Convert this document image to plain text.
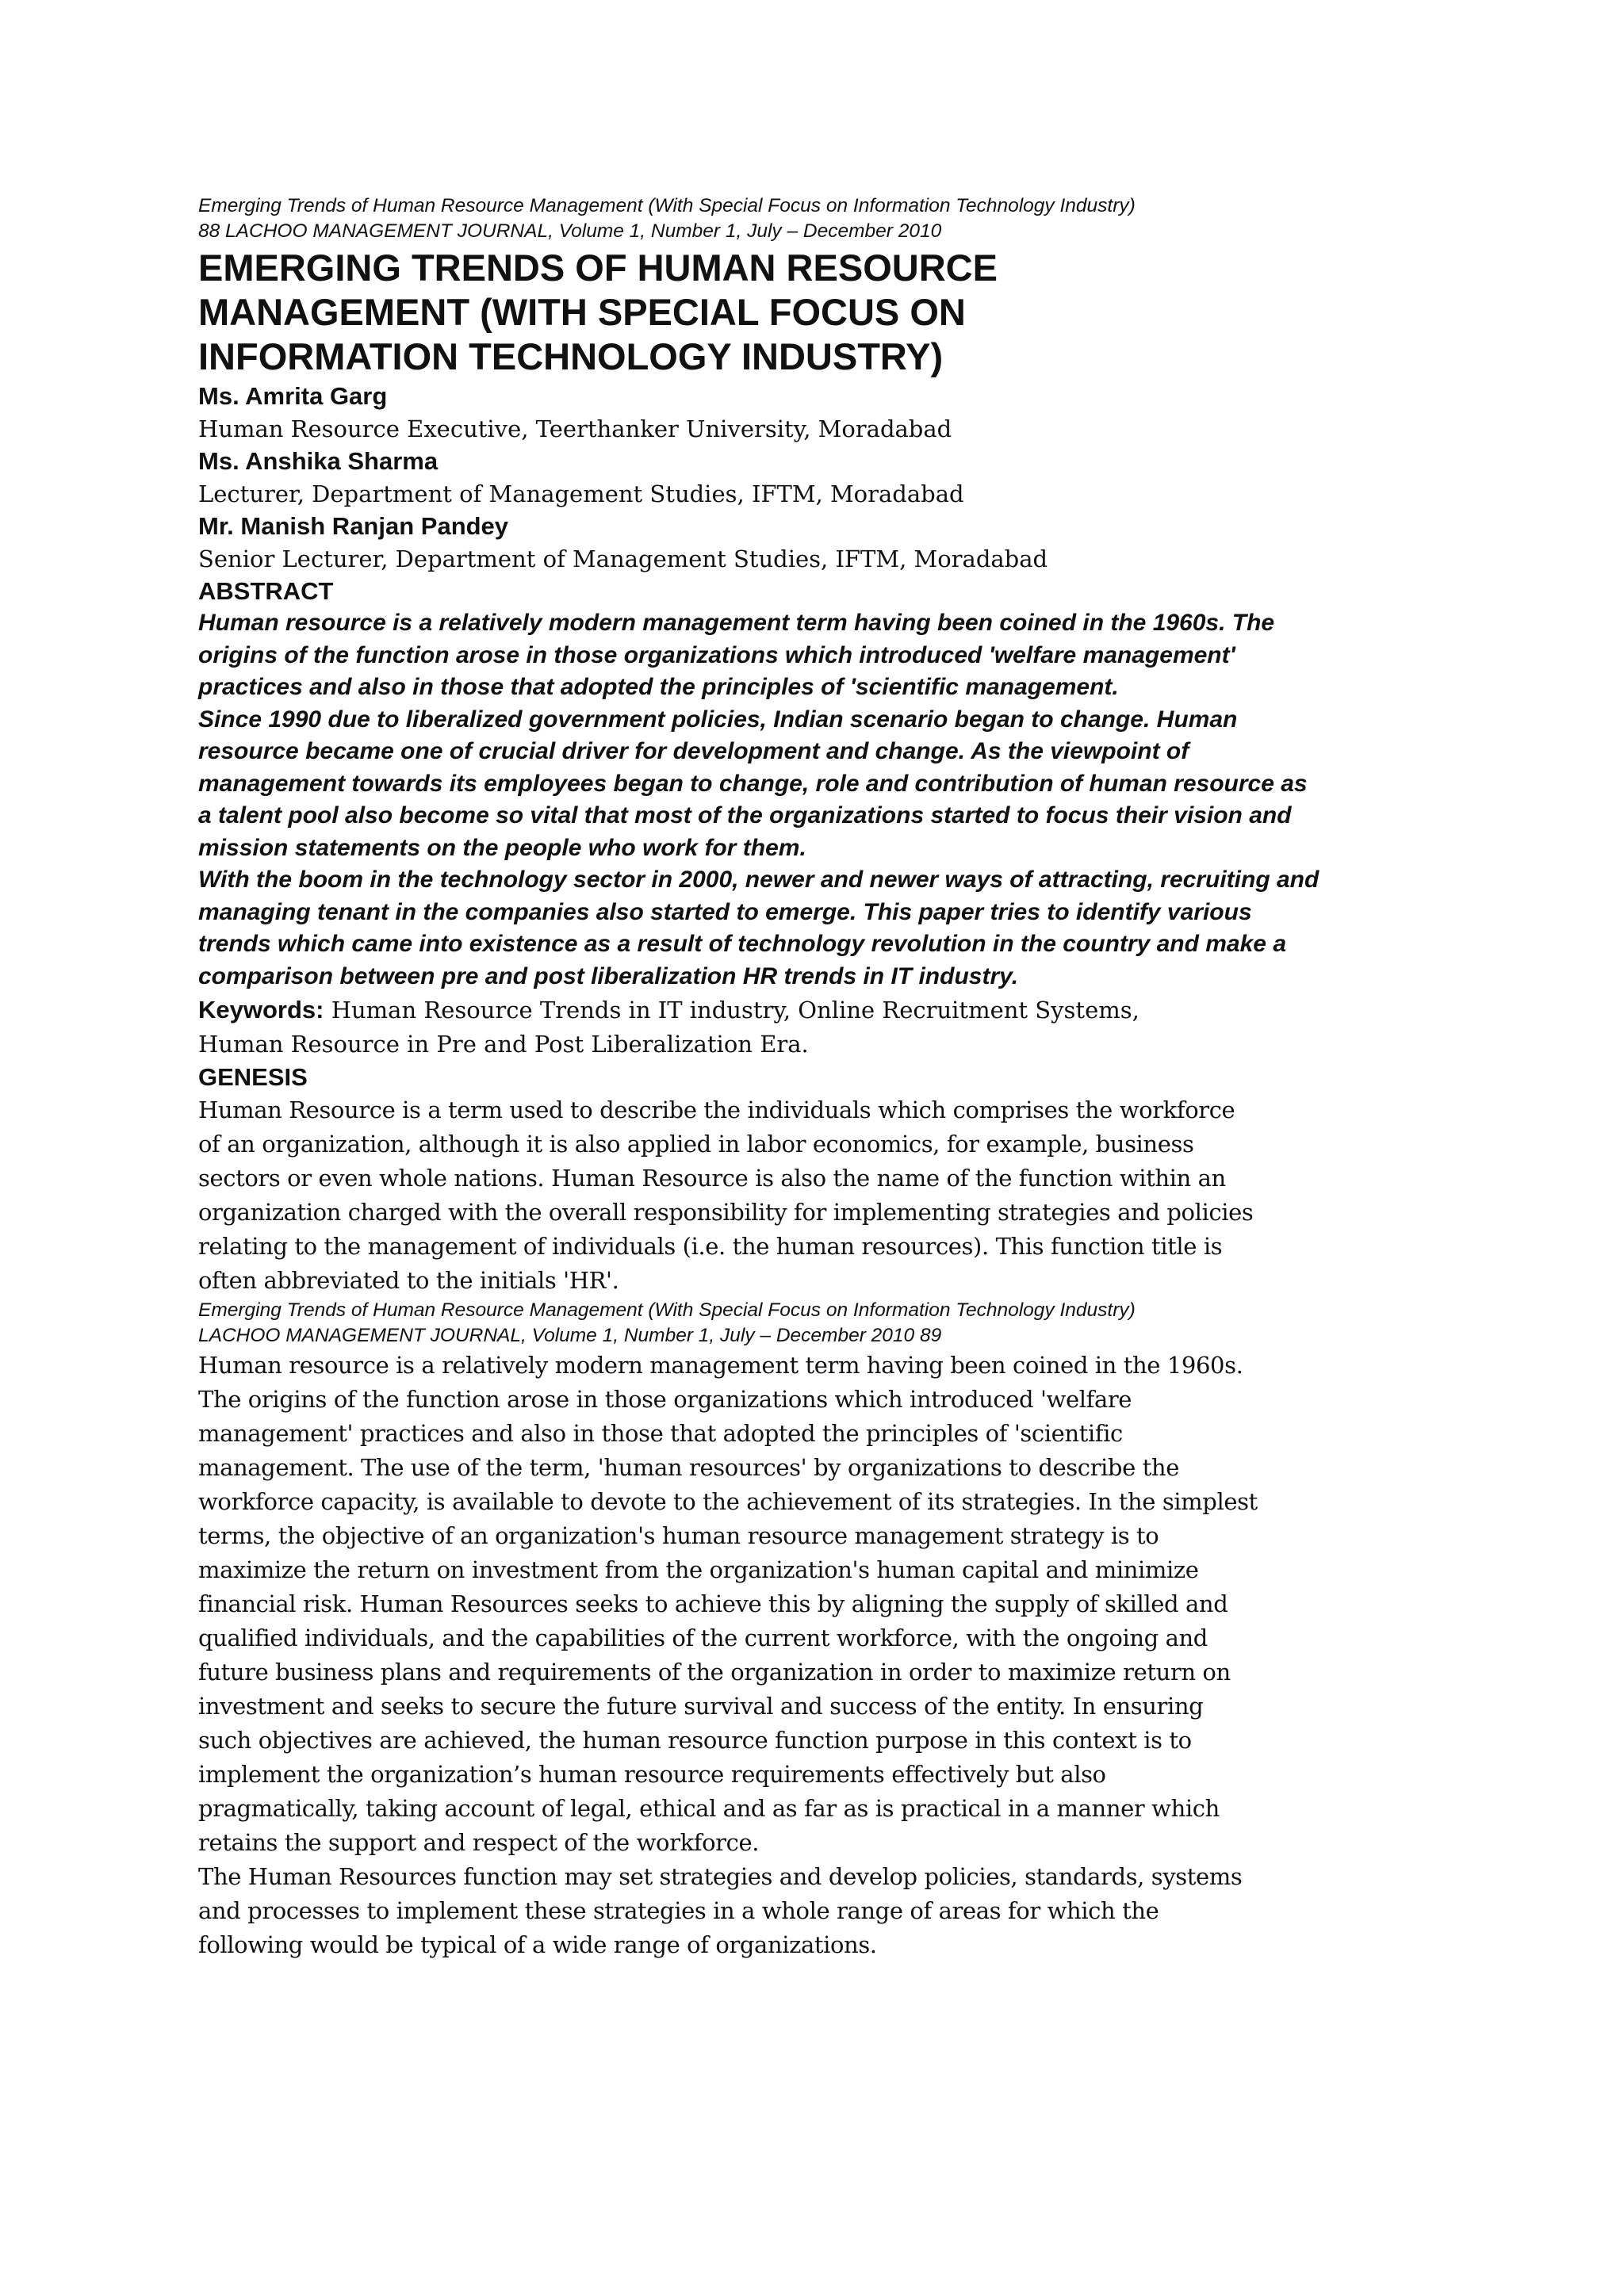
Emerging Trends of Human Resource Management (With Special Focus on Information Technology Industry)

88 LACHOO MANAGEMENT JOURNAL, Volume 1, Number 1, July – December 2010

EMERGING TRENDS OF HUMAN RESOURCE

MANAGEMENT (WITH SPECIAL FOCUS ON

INFORMATION TECHNOLOGY INDUSTRY)

Ms. Amrita Garg

Human Resource Executive, Teerthanker University, Moradabad

Ms. Anshika Sharma

Lecturer, Department of Management Studies, IFTM, Moradabad

Mr. Manish Ranjan Pandey

Senior Lecturer, Department of Management Studies, IFTM, Moradabad

ABSTRACT

Human resource is a relatively modern management term having been coined in the 1960s. The origins of the function arose in those organizations which introduced 'welfare management' practices and also in those that adopted the principles of 'scientific management.

Since 1990 due to liberalized government policies, Indian scenario began to change. Human resource became one of crucial driver for development and change. As the viewpoint of management towards its employees began to change, role and contribution of human resource as a talent pool also become so vital that most of the organizations started to focus their vision and mission statements on the people who work for them.

With the boom in the technology sector in 2000, newer and newer ways of attracting, recruiting and managing tenant in the companies also started to emerge. This paper tries to identify various trends which came into existence as a result of technology revolution in the country and make a comparison between pre and post liberalization HR trends in IT industry.

Keywords: Human Resource Trends in IT industry, Online Recruitment Systems, Human Resource in Pre and Post Liberalization Era.

GENESIS

Human Resource is a term used to describe the individuals which comprises the workforce of an organization, although it is also applied in labor economics, for example, business sectors or even whole nations. Human Resource is also the name of the function within an organization charged with the overall responsibility for implementing strategies and policies relating to the management of individuals (i.e. the human resources). This function title is often abbreviated to the initials 'HR'.

Emerging Trends of Human Resource Management (With Special Focus on Information Technology Industry)

LACHOO MANAGEMENT JOURNAL, Volume 1, Number 1, July – December 2010 89

Human resource is a relatively modern management term having been coined in the 1960s. The origins of the function arose in those organizations which introduced 'welfare management' practices and also in those that adopted the principles of 'scientific management. The use of the term, 'human resources' by organizations to describe the workforce capacity, is available to devote to the achievement of its strategies. In the simplest terms, the objective of an organization's human resource management strategy is to maximize the return on investment from the organization's human capital and minimize financial risk. Human Resources seeks to achieve this by aligning the supply of skilled and qualified individuals, and the capabilities of the current workforce, with the ongoing and future business plans and requirements of the organization in order to maximize return on investment and seeks to secure the future survival and success of the entity. In ensuring such objectives are achieved, the human resource function purpose in this context is to implement the organization’s human resource requirements effectively but also pragmatically, taking account of legal, ethical and as far as is practical in a manner which retains the support and respect of the workforce.

The Human Resources function may set strategies and develop policies, standards, systems and processes to implement these strategies in a whole range of areas for which the following would be typical of a wide range of organizations.
